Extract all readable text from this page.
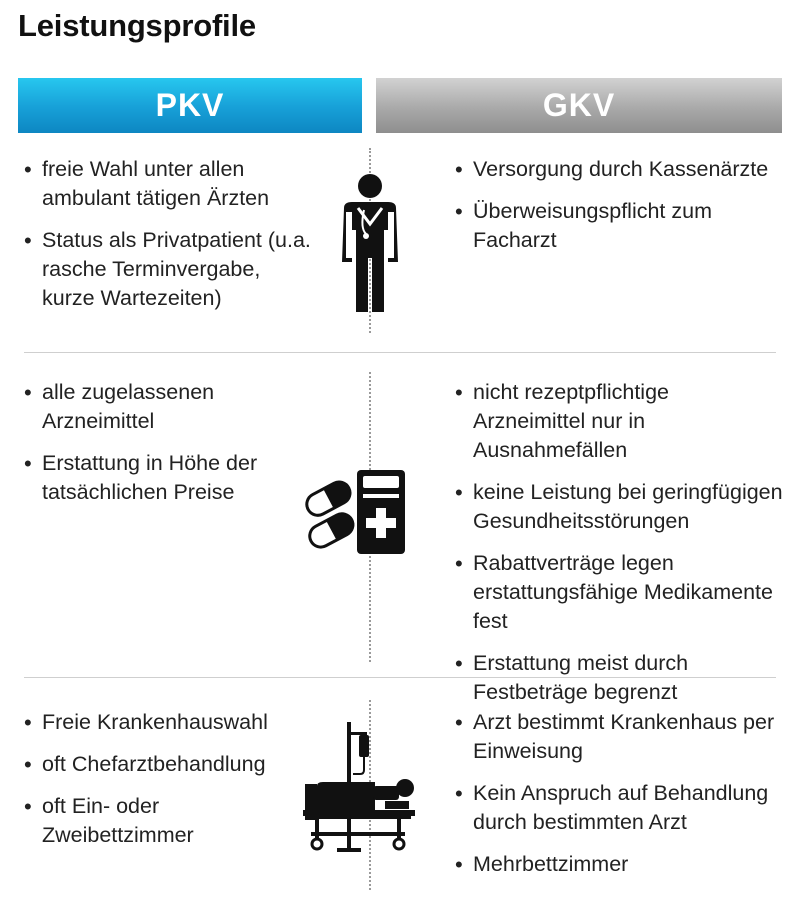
Leistungsprofile
PKV	GKV
• freie Wahl unter allen ambulant tätigen Ärzten
• Status als Privatpatient (u.a. rasche Terminvergabe, kurze Wartezeiten)
• Versorgung durch Kassenärzte
• Überweisungspflicht zum Facharzt
• alle zugelassenen Arzneimittel
• Erstattung in Höhe der tatsächlichen Preise
• nicht rezeptpflichtige Arzneimittel nur in Ausnahmefällen
• keine Leistung bei geringfügigen Gesundheitsstörungen
• Rabattverträge legen erstattungsfähige Medikamente fest
• Erstattung meist durch Festbeträge begrenzt
• Freie Krankenhauswahl
• oft Chefarztbehandlung
• oft Ein- oder Zweibettzimmer
• Arzt bestimmt Krankenhaus per Einweisung
• Kein Anspruch auf Behandlung durch bestimmten Arzt
• Mehrbettzimmer
